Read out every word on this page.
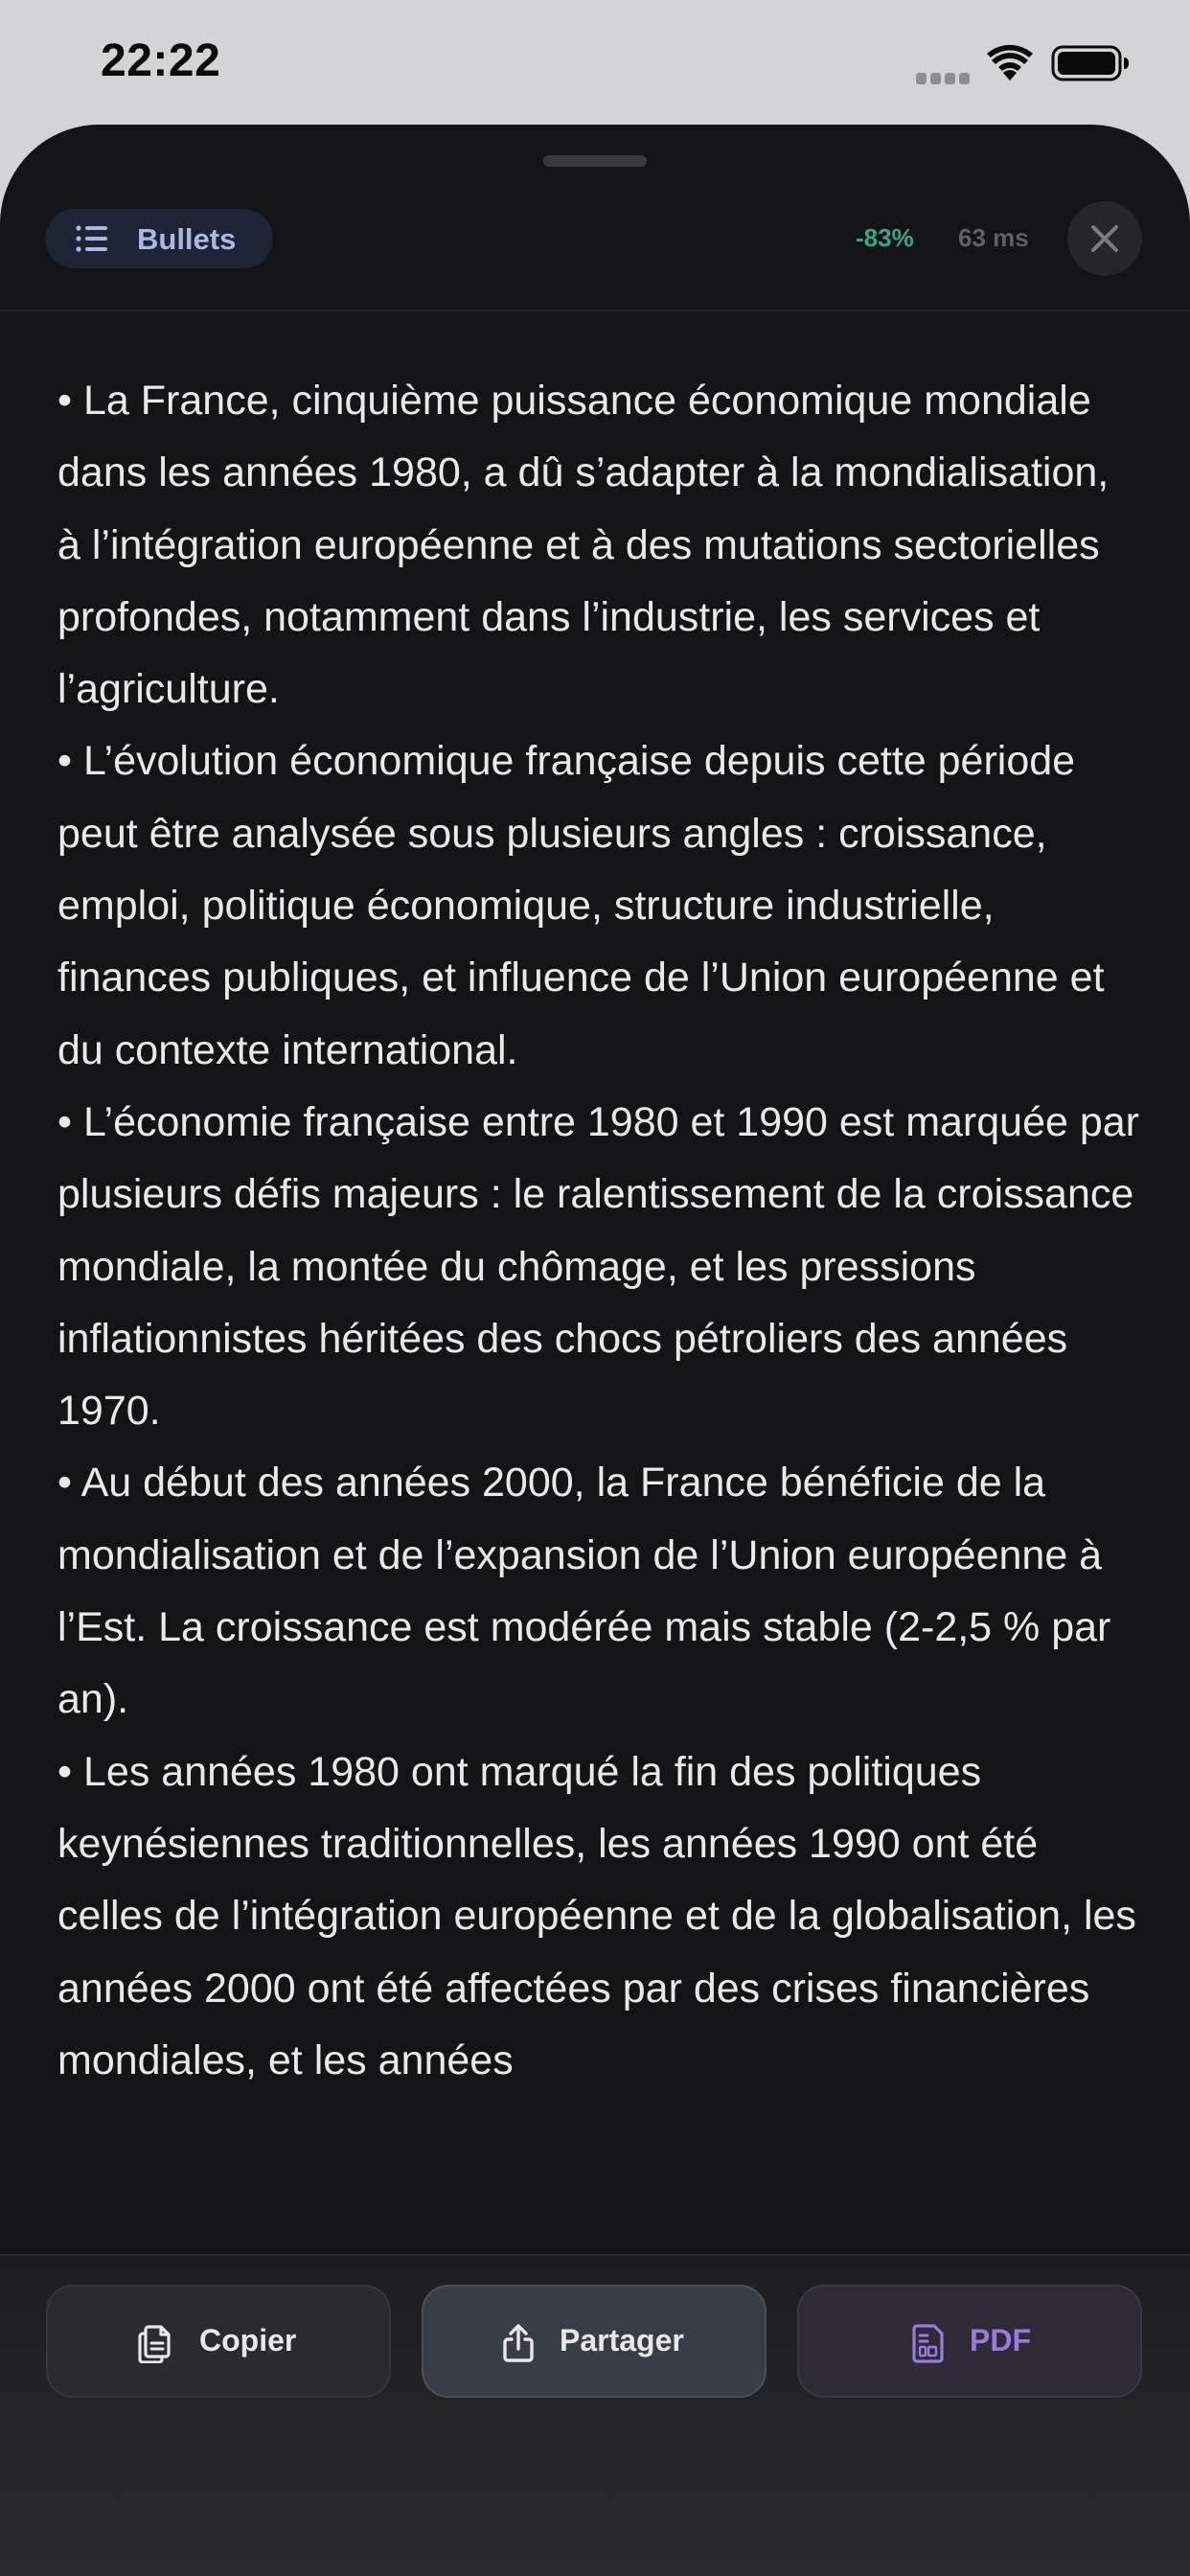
22:22
Bullets	-83% 63 ms
• La France, cinquième puissance économique mondiale dans les années 1980, a dû s’adapter à la mondialisation, à l’intégration européenne et à des mutations sectorielles profondes, notamment dans l’industrie, les services et l’agriculture.
• L’évolution économique française depuis cette période peut être analysée sous plusieurs angles : croissance, emploi, politique économique, structure industrielle, finances publiques, et influence de l’Union européenne et du contexte international.
• L’économie française entre 1980 et 1990 est marquée par plusieurs défis majeurs : le ralentissement de la croissance mondiale, la montée du chômage, et les pressions inflationnistes héritées des chocs pétroliers des années 1970.
• Au début des années 2000, la France bénéficie de la mondialisation et de l’expansion de l’Union européenne à l’Est. La croissance est modérée mais stable (2-2,5 % par an).
• Les années 1980 ont marqué la fin des politiques keynésiennes traditionnelles, les années 1990 ont été celles de l’intégration européenne et de la globalisation, les années 2000 ont été affectées par des crises financières mondiales, et les années
Copier	Partager	PDF
